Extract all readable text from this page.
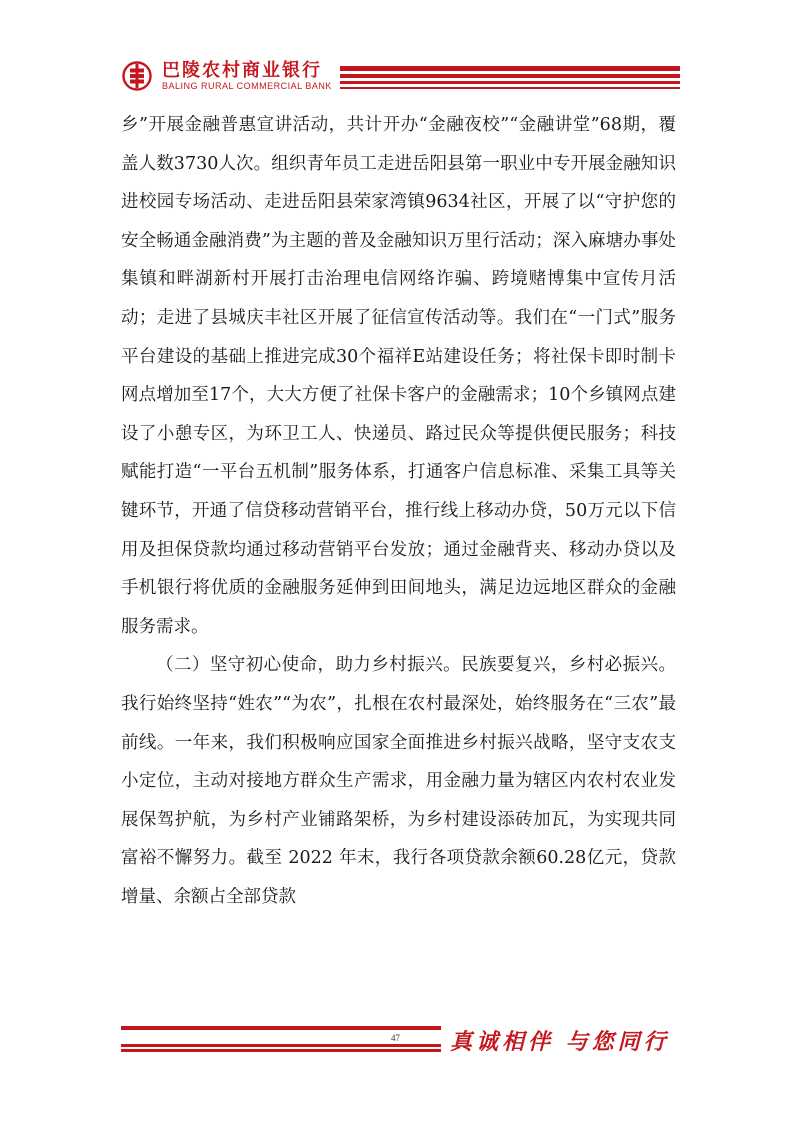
巴陵农村商业银行
BALING RURAL COMMERCIAL BANK

乡”开展金融普惠宣讲活动，共计开办“金融夜校”“金融讲堂”68期，覆盖人数3730人次。组织青年员工走进岳阳县第一职业中专开展金融知识进校园专场活动、走进岳阳县荣家湾镇9634社区，开展了以“守护您的安全畅通金融消费”为主题的普及金融知识万里行活动；深入麻塘办事处集镇和畔湖新村开展打击治理电信网络诈骗、跨境赌博集中宣传月活动；走进了县城庆丰社区开展了征信宣传活动等。我们在“一门式”服务平台建设的基础上推进完成30个福祥E站建设任务；将社保卡即时制卡网点增加至17个，大大方便了社保卡客户的金融需求；10个乡镇网点建设了小憩专区，为环卫工人、快递员、路过民众等提供便民服务；科技赋能打造“一平台五机制”服务体系，打通客户信息标准、采集工具等关键环节，开通了信贷移动营销平台，推行线上移动办贷，50万元以下信用及担保贷款均通过移动营销平台发放；通过金融背夹、移动办贷以及手机银行将优质的金融服务延伸到田间地头，满足边远地区群众的金融服务需求。

（二）坚守初心使命，助力乡村振兴。民族要复兴，乡村必振兴。我行始终坚持“姓农”“为农”，扎根在农村最深处，始终服务在“三农”最前线。一年来，我们积极响应国家全面推进乡村振兴战略，坚守支农支小定位，主动对接地方群众生产需求，用金融力量为辖区内农村农业发展保驾护航，为乡村产业铺路架桥，为乡村建设添砖加瓦，为实现共同富裕不懈努力。截至 2022 年末，我行各项贷款余额60.28亿元，贷款增量、余额占全部贷款

47 真诚相伴 与您同行
